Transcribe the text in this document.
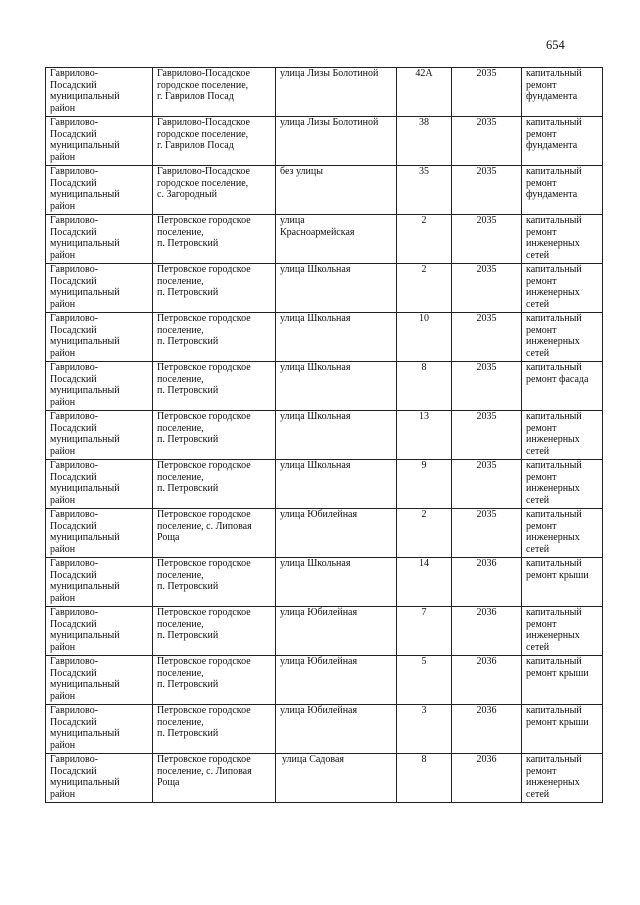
654
Гаврилово-
Посадский
муниципальный
район	Гаврилово-Посадское
городское поселение,
г. Гаврилов Посад	улица Лизы Болотиной	42А	2035	капитальный
ремонт
фундамента

Гаврилово-
Посадский
муниципальный
район	Гаврилово-Посадское
городское поселение,
г. Гаврилов Посад	улица Лизы Болотиной	38	2035	капитальный
ремонт
фундамента

Гаврилово-
Посадский
муниципальный
район	Гаврилово-Посадское
городское поселение,
с. Загородный	без улицы	35	2035	капитальный
ремонт
фундамента

Гаврилово-
Посадский
муниципальный
район	Петровское городское
поселение,
п. Петровский	улица
Красноармейская	2	2035	капитальный
ремонт
инженерных
сетей

Гаврилово-
Посадский
муниципальный
район	Петровское городское
поселение,
п. Петровский	улица Школьная	2	2035	капитальный
ремонт
инженерных
сетей

Гаврилово-
Посадский
муниципальный
район	Петровское городское
поселение,
п. Петровский	улица Школьная	10	2035	капитальный
ремонт
инженерных
сетей

Гаврилово-
Посадский
муниципальный
район	Петровское городское
поселение,
п. Петровский	улица Школьная	8	2035	капитальный
ремонт фасада

Гаврилово-
Посадский
муниципальный
район	Петровское городское
поселение,
п. Петровский	улица Школьная	13	2035	капитальный
ремонт
инженерных
сетей

Гаврилово-
Посадский
муниципальный
район	Петровское городское
поселение,
п. Петровский	улица Школьная	9	2035	капитальный
ремонт
инженерных
сетей

Гаврилово-
Посадский
муниципальный
район	Петровское городское
поселение, с. Липовая
Роща	улица Юбилейная	2	2035	капитальный
ремонт
инженерных
сетей

Гаврилово-
Посадский
муниципальный
район	Петровское городское
поселение,
п. Петровский	улица Школьная	14	2036	капитальный
ремонт крыши

Гаврилово-
Посадский
муниципальный
район	Петровское городское
поселение,
п. Петровский	улица Юбилейная	7	2036	капитальный
ремонт
инженерных
сетей

Гаврилово-
Посадский
муниципальный
район	Петровское городское
поселение,
п. Петровский	улица Юбилейная	5	2036	капитальный
ремонт крыши

Гаврилово-
Посадский
муниципальный
район	Петровское городское
поселение,
п. Петровский	улица Юбилейная	3	2036	капитальный
ремонт крыши

Гаврилово-
Посадский
муниципальный
район	Петровское городское
поселение, с. Липовая
Роща	улица Садовая	8	2036	капитальный
ремонт
инженерных
сетей
